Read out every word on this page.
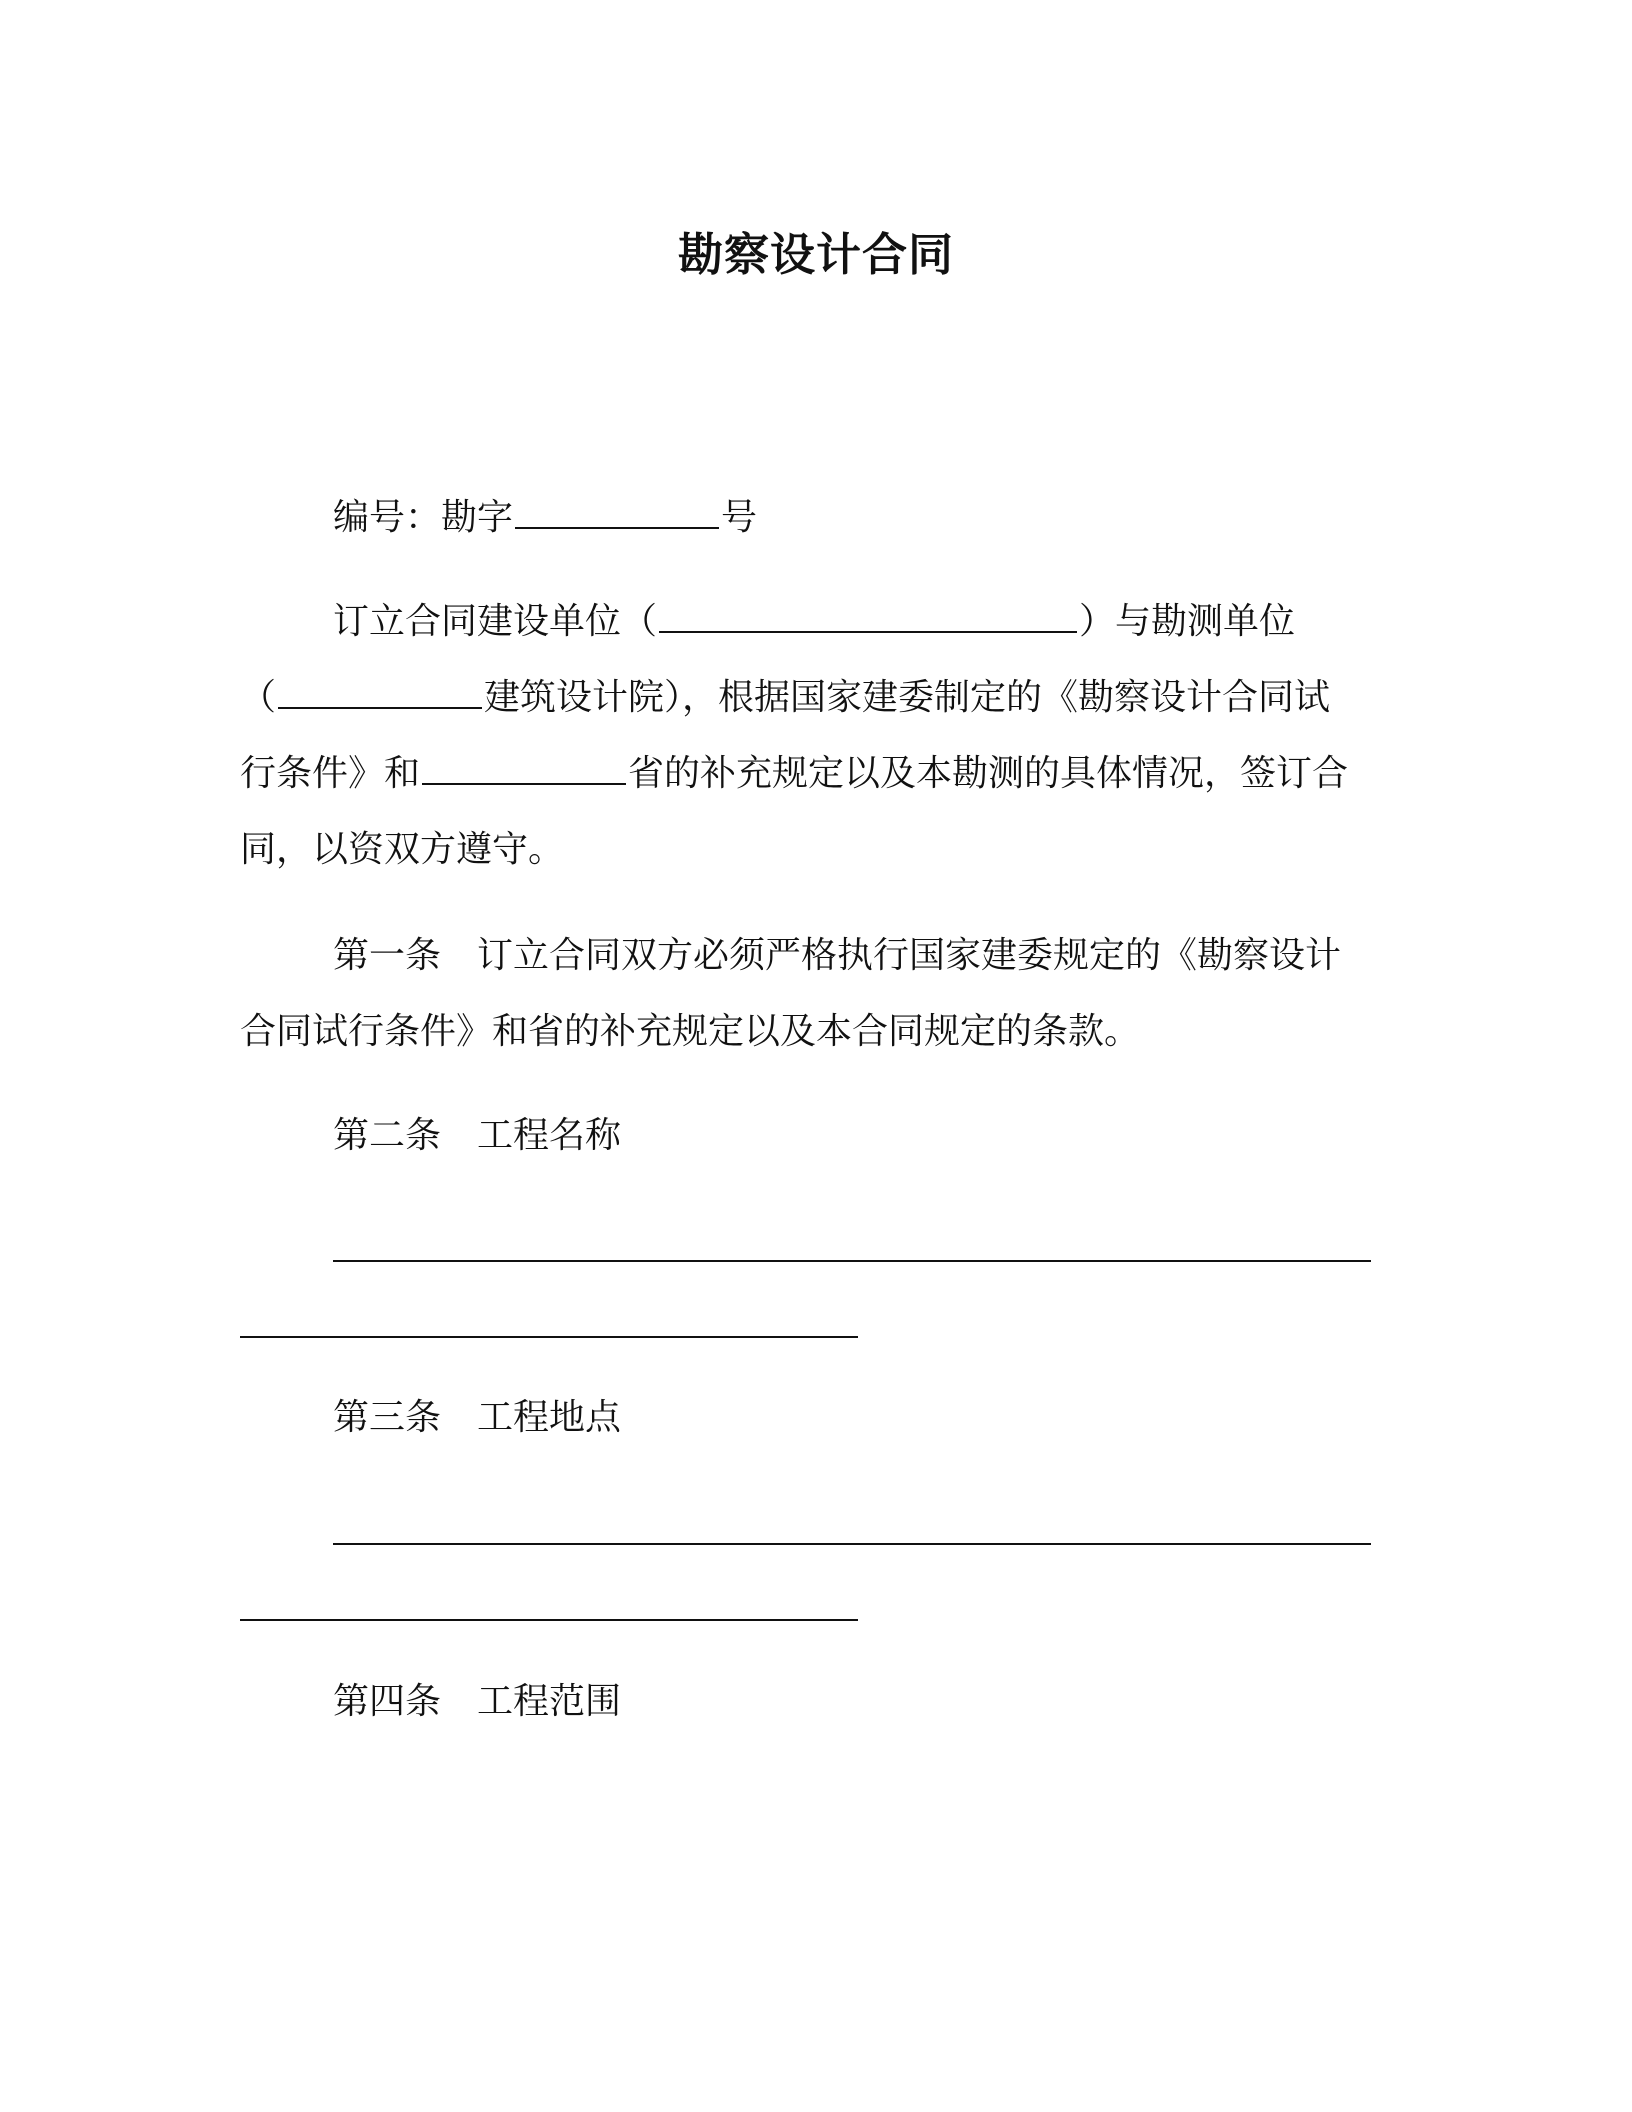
勘察设计合同
编号：勘字	号
订立合同建设单位（	）与勘测单位
（	建筑设计院），根据国家建委制定的《勘察设计合同试
行条件》和	省的补充规定以及本勘测的具体情况，签订合
同，以资双方遵守。
第一条 订立合同双方必须严格执行国家建委规定的《勘察设计
合同试行条件》和省的补充规定以及本合同规定的条款。
第二条 工程名称
第三条 工程地点
第四条 工程范围
